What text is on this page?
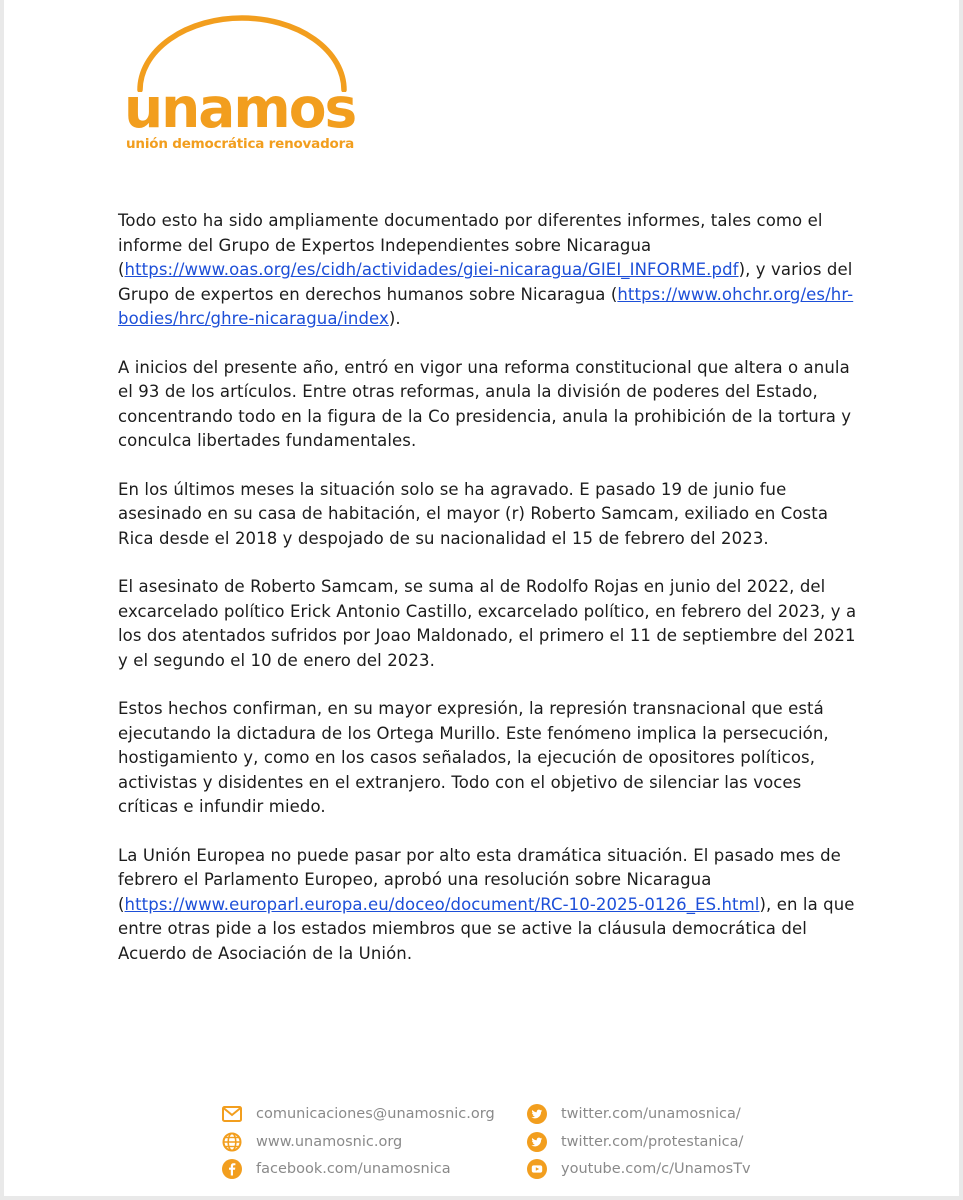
unamos
unión democrática renovadora

Todo esto ha sido ampliamente documentado por diferentes informes, tales como el informe del Grupo de Expertos Independientes sobre Nicaragua (https://www.oas.org/es/cidh/actividades/giei-nicaragua/GIEI_INFORME.pdf), y varios del Grupo de expertos en derechos humanos sobre Nicaragua (https://www.ohchr.org/es/hr-bodies/hrc/ghre-nicaragua/index).

A inicios del presente año, entró en vigor una reforma constitucional que altera o anula el 93 de los artículos. Entre otras reformas, anula la división de poderes del Estado, concentrando todo en la figura de la Co presidencia, anula la prohibición de la tortura y conculca libertades fundamentales.

En los últimos meses la situación solo se ha agravado. E pasado 19 de junio fue asesinado en su casa de habitación, el mayor (r) Roberto Samcam, exiliado en Costa Rica desde el 2018 y despojado de su nacionalidad el 15 de febrero del 2023.

El asesinato de Roberto Samcam, se suma al de Rodolfo Rojas en junio del 2022, del excarcelado político Erick Antonio Castillo, excarcelado político, en febrero del 2023, y a los dos atentados sufridos por Joao Maldonado, el primero el 11 de septiembre del 2021 y el segundo el 10 de enero del 2023.

Estos hechos confirman, en su mayor expresión, la represión transnacional que está ejecutando la dictadura de los Ortega Murillo. Este fenómeno implica la persecución, hostigamiento y, como en los casos señalados, la ejecución de opositores políticos, activistas y disidentes en el extranjero. Todo con el objetivo de silenciar las voces críticas e infundir miedo.

La Unión Europea no puede pasar por alto esta dramática situación. El pasado mes de febrero el Parlamento Europeo, aprobó una resolución sobre Nicaragua (https://www.europarl.europa.eu/doceo/document/RC-10-2025-0126_ES.html), en la que entre otras pide a los estados miembros que se active la cláusula democrática del Acuerdo de Asociación de la Unión.

comunicaciones@unamosnic.org
www.unamosnic.org
facebook.com/unamosnica
twitter.com/unamosnica/
twitter.com/protestanica/
youtube.com/c/UnamosTv
